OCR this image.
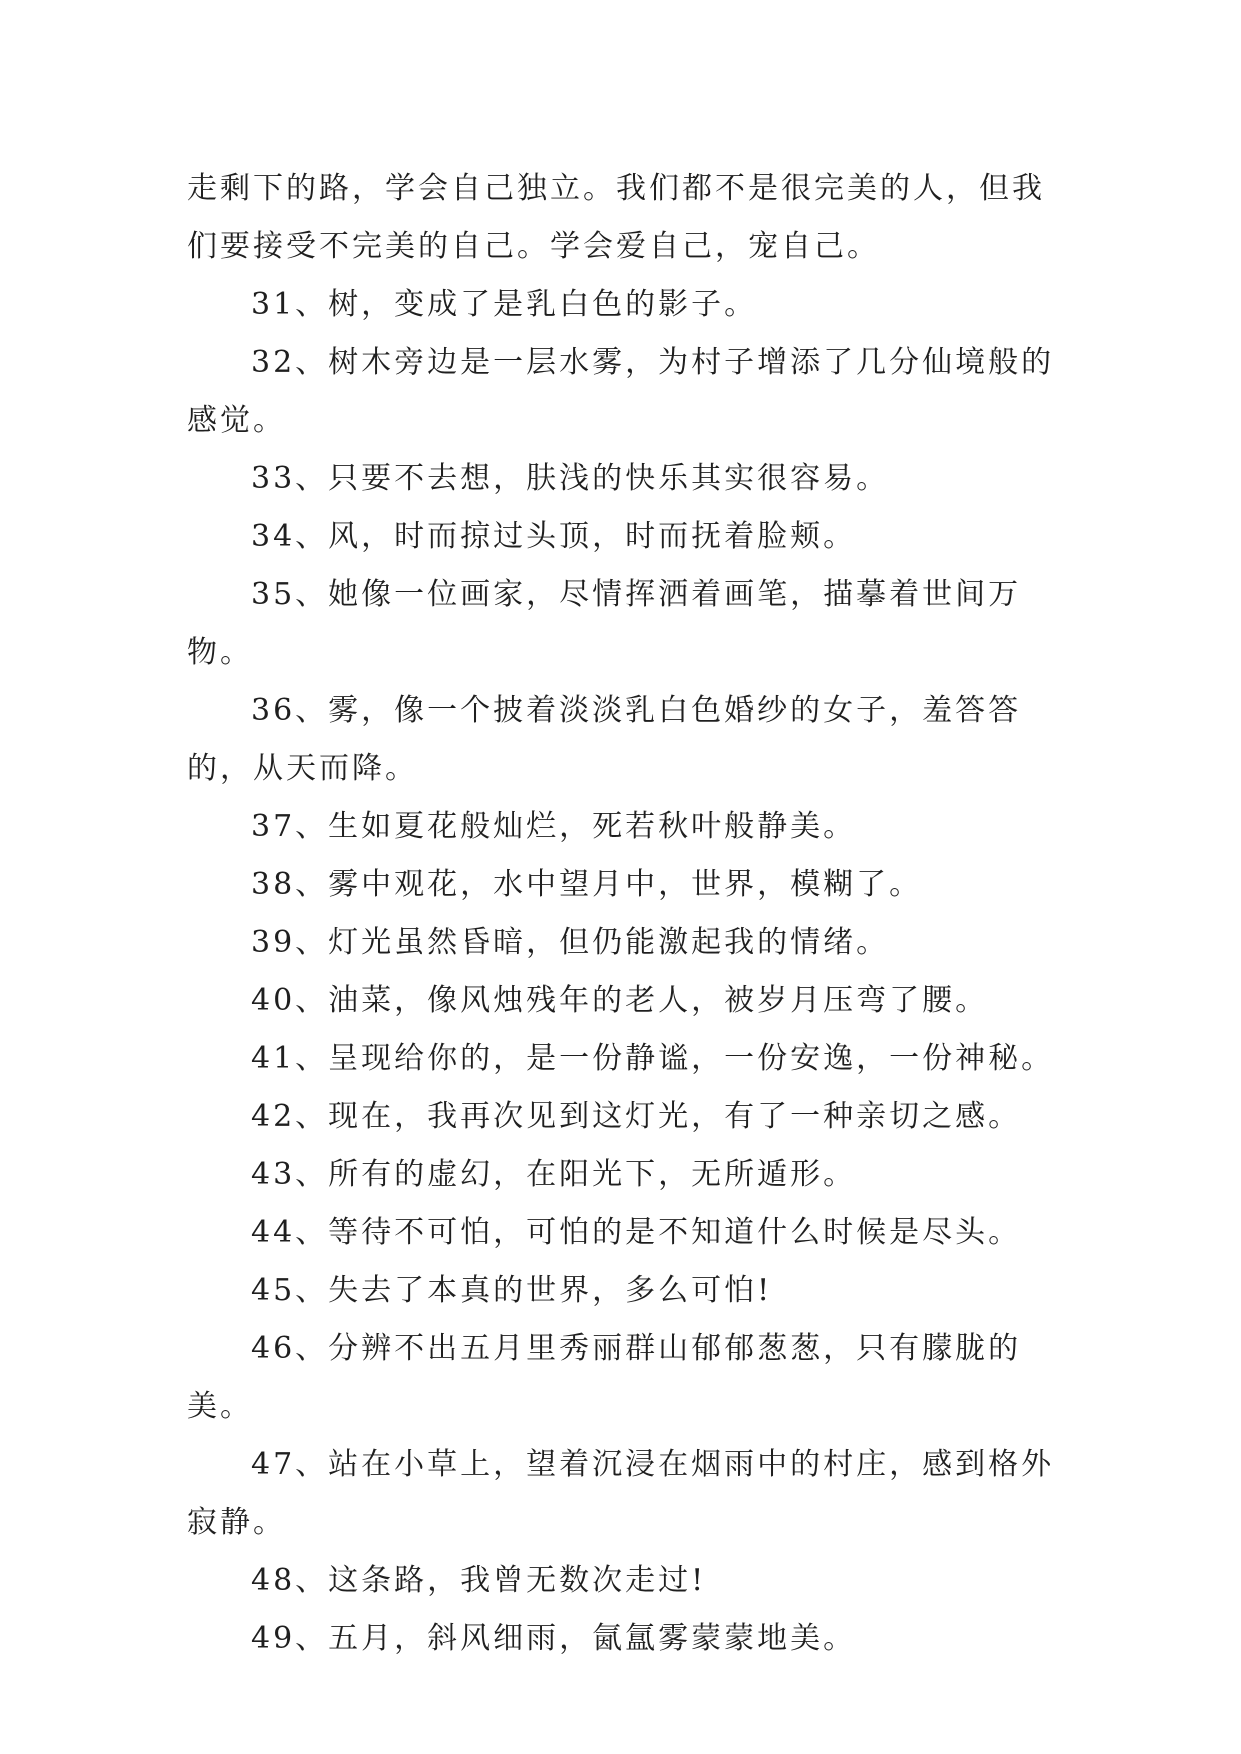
走剩下的路，学会自己独立。我们都不是很完美的人，但我们要接受不完美的自己。学会爱自己，宠自己。

31、树，变成了是乳白色的影子。

32、树木旁边是一层水雾，为村子增添了几分仙境般的感觉。

33、只要不去想，肤浅的快乐其实很容易。

34、风，时而掠过头顶，时而抚着脸颊。

35、她像一位画家，尽情挥洒着画笔，描摹着世间万物。

36、雾，像一个披着淡淡乳白色婚纱的女子，羞答答的，从天而降。

37、生如夏花般灿烂，死若秋叶般静美。

38、雾中观花，水中望月中，世界，模糊了。

39、灯光虽然昏暗，但仍能激起我的情绪。

40、油菜，像风烛残年的老人，被岁月压弯了腰。

41、呈现给你的，是一份静谧，一份安逸，一份神秘。

42、现在，我再次见到这灯光，有了一种亲切之感。

43、所有的虚幻，在阳光下，无所遁形。

44、等待不可怕，可怕的是不知道什么时候是尽头。

45、失去了本真的世界，多么可怕!

46、分辨不出五月里秀丽群山郁郁葱葱，只有朦胧的美。

47、站在小草上，望着沉浸在烟雨中的村庄，感到格外寂静。

48、这条路，我曾无数次走过!

49、五月，斜风细雨，氤氲雾蒙蒙地美。
